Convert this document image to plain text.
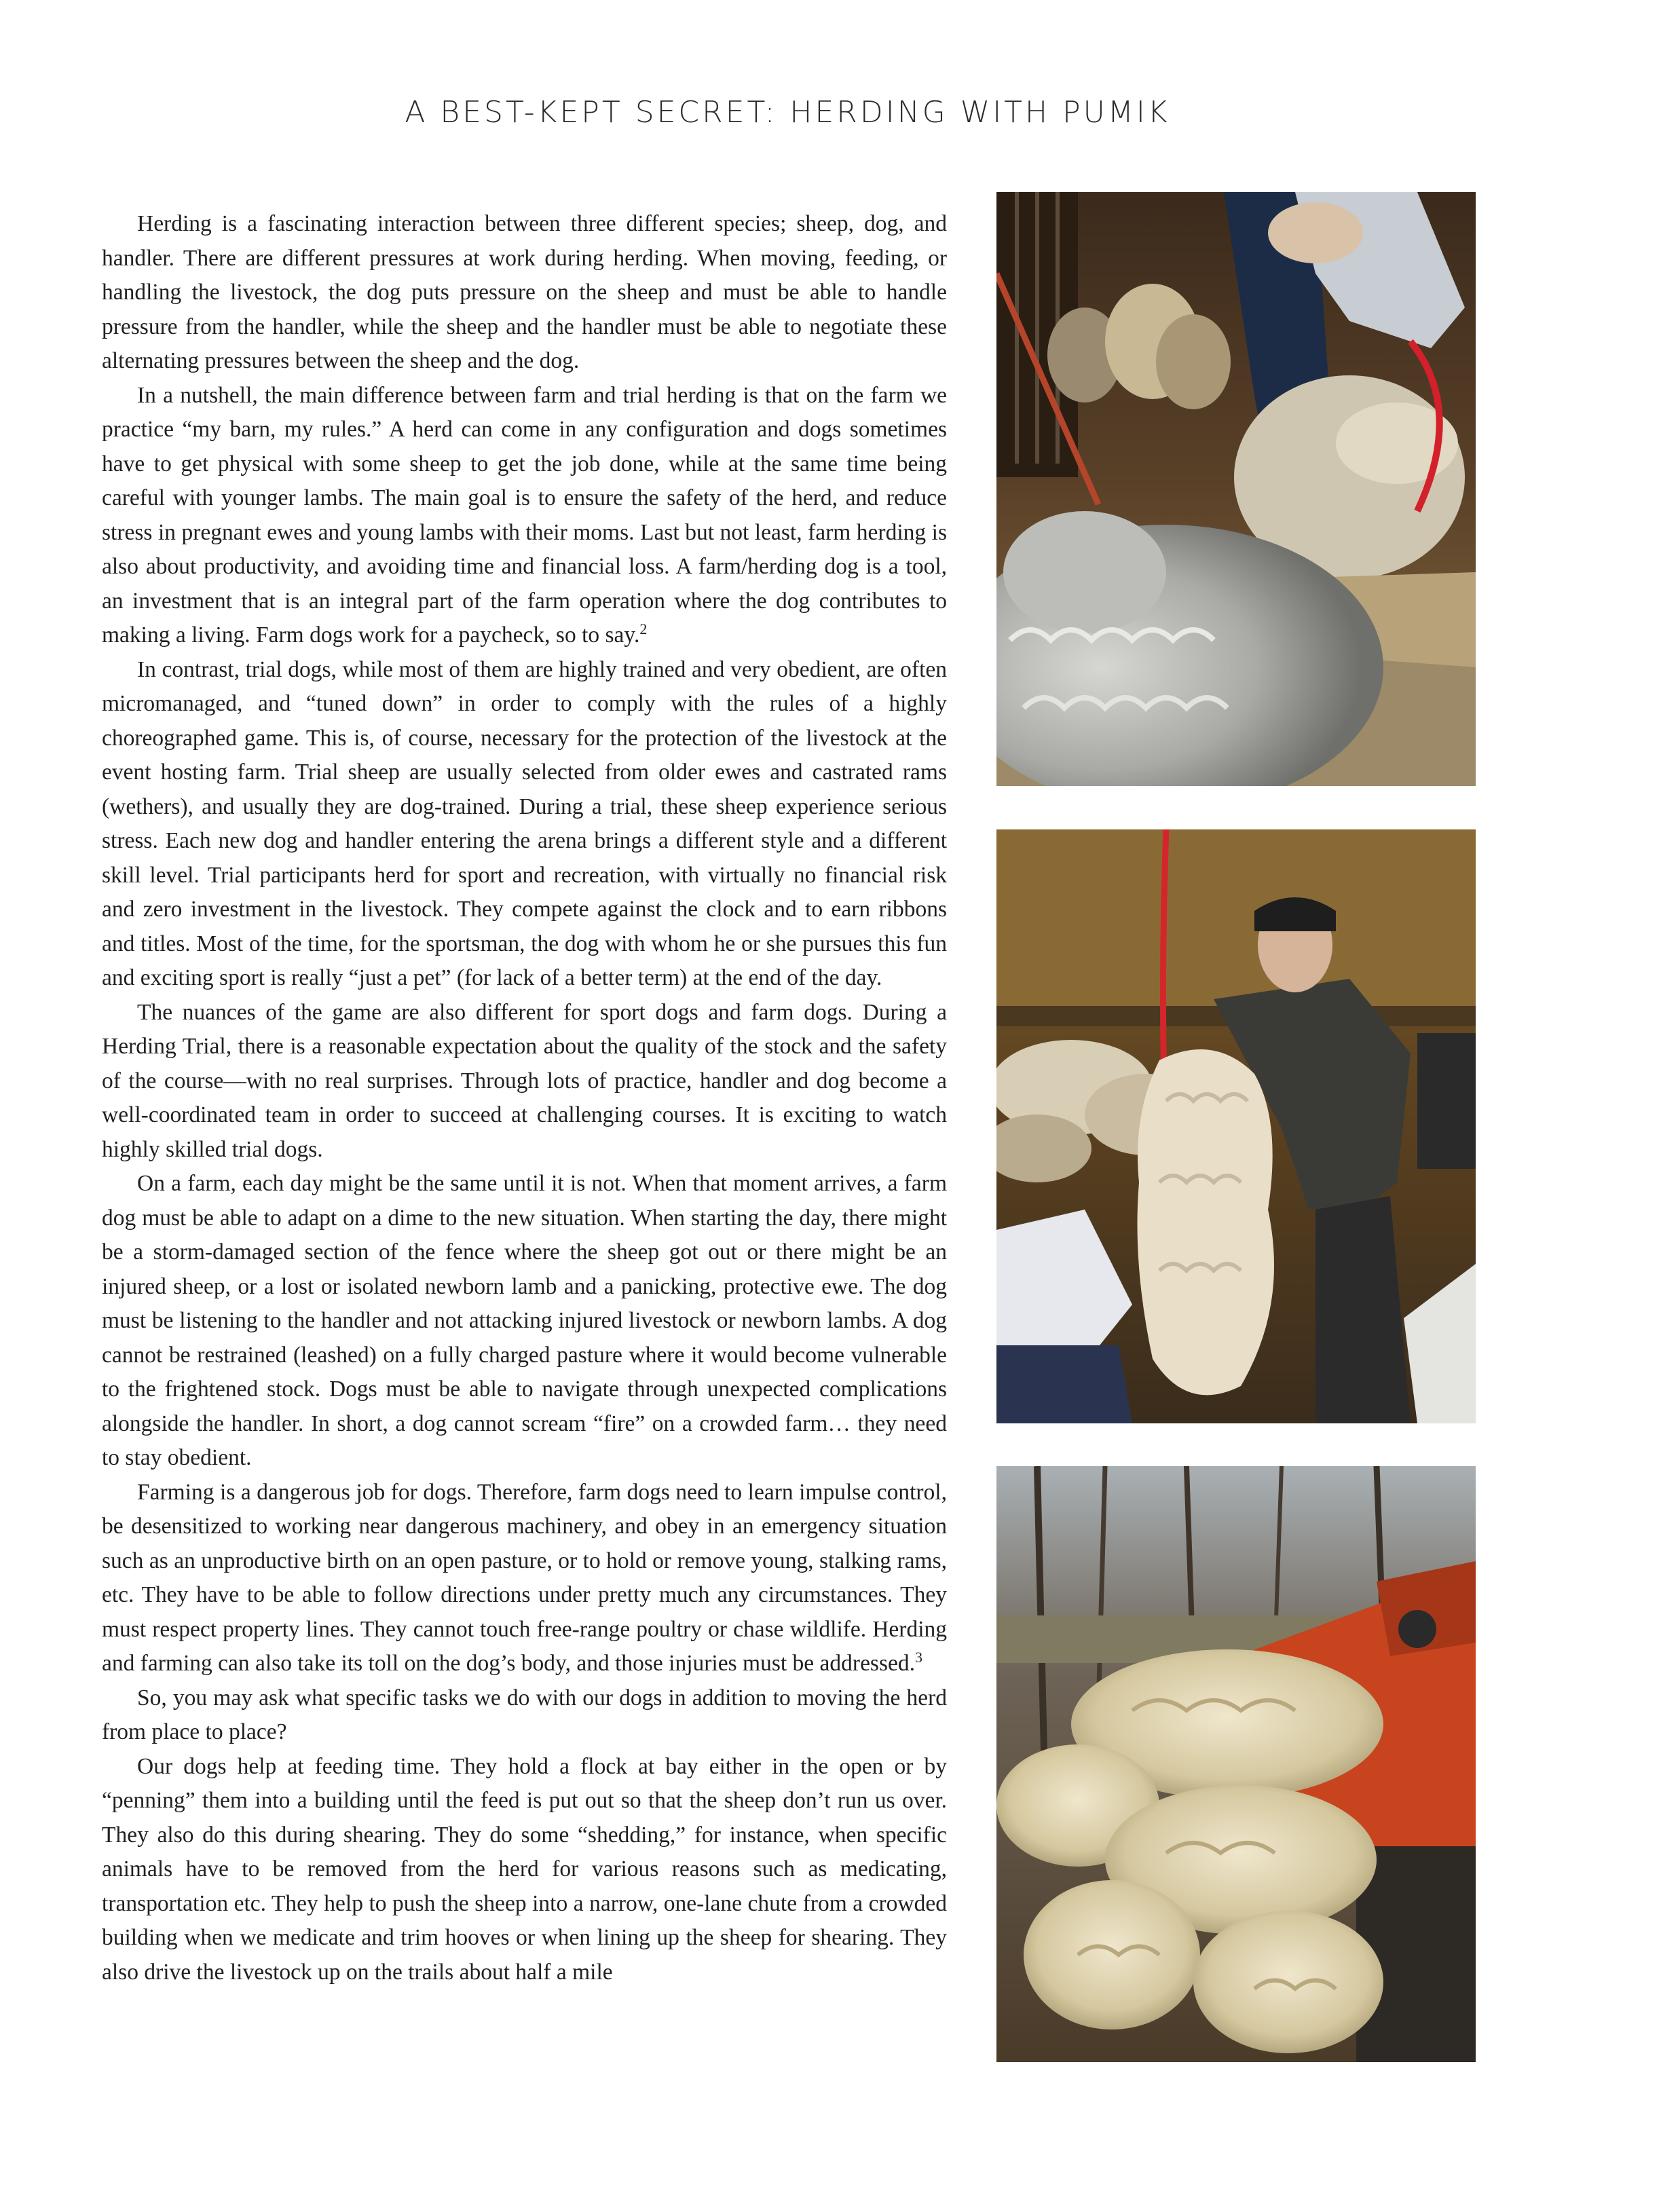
A BEST-KEPT SECRET: HERDING WITH PUMIK

Herding is a fascinating interaction between three different species; sheep, dog, and handler. There are different pressures at work during herding. When moving, feeding, or handling the livestock, the dog puts pressure on the sheep and must be able to handle pressure from the handler, while the sheep and the handler must be able to negotiate these alternating pressures between the sheep and the dog.

In a nutshell, the main difference between farm and trial herding is that on the farm we practice “my barn, my rules.” A herd can come in any configuration and dogs sometimes have to get physical with some sheep to get the job done, while at the same time being careful with younger lambs. The main goal is to ensure the safety of the herd, and reduce stress in pregnant ewes and young lambs with their moms. Last but not least, farm herding is also about productivity, and avoiding time and financial loss. A farm/herding dog is a tool, an investment that is an integral part of the farm operation where the dog contributes to making a living. Farm dogs work for a paycheck, so to say.$^2$

In contrast, trial dogs, while most of them are highly trained and very obedient, are often micromanaged, and “tuned down” in order to comply with the rules of a highly choreographed game. This is, of course, necessary for the protection of the livestock at the event hosting farm. Trial sheep are usually selected from older ewes and castrated rams (wethers), and usually they are dog-trained. During a trial, these sheep experience serious stress. Each new dog and handler entering the arena brings a different style and a different skill level. Trial participants herd for sport and recreation, with virtually no financial risk and zero investment in the livestock. They compete against the clock and to earn ribbons and titles. Most of the time, for the sportsman, the dog with whom he or she pursues this fun and exciting sport is really “just a pet” (for lack of a better term) at the end of the day.

The nuances of the game are also different for sport dogs and farm dogs. During a Herding Trial, there is a reasonable expectation about the quality of the stock and the safety of the course—with no real surprises. Through lots of practice, handler and dog become a well-coordinated team in order to succeed at challenging courses. It is exciting to watch highly skilled trial dogs.

On a farm, each day might be the same until it is not. When that moment arrives, a farm dog must be able to adapt on a dime to the new situation. When starting the day, there might be a storm-damaged section of the fence where the sheep got out or there might be an injured sheep, or a lost or isolated newborn lamb and a panicking, protective ewe. The dog must be listening to the handler and not attacking injured livestock or newborn lambs. A dog cannot be restrained (leashed) on a fully charged pasture where it would become vulnerable to the frightened stock. Dogs must be able to navigate through unexpected complications alongside the handler. In short, a dog cannot scream “fire” on a crowded farm… they need to stay obedient.

Farming is a dangerous job for dogs. Therefore, farm dogs need to learn impulse control, be desensitized to working near dangerous machinery, and obey in an emergency situation such as an unproductive birth on an open pasture, or to hold or remove young, stalking rams, etc. They have to be able to follow directions under pretty much any circumstances. They must respect property lines. They cannot touch free-range poultry or chase wildlife. Herding and farming can also take its toll on the dog’s body, and those injuries must be addressed.$^3$

So, you may ask what specific tasks we do with our dogs in addition to moving the herd from place to place?

Our dogs help at feeding time. They hold a flock at bay either in the open or by “penning” them into a building until the feed is put out so that the sheep don’t run us over. They also do this during shearing. They do some “shedding,” for instance, when specific animals have to be removed from the herd for various reasons such as medicating, transportation etc. They help to push the sheep into a narrow, one-lane chute from a crowded building when we medicate and trim hooves or when lining up the sheep for shearing. They also drive the livestock up on the trails about half a mile
